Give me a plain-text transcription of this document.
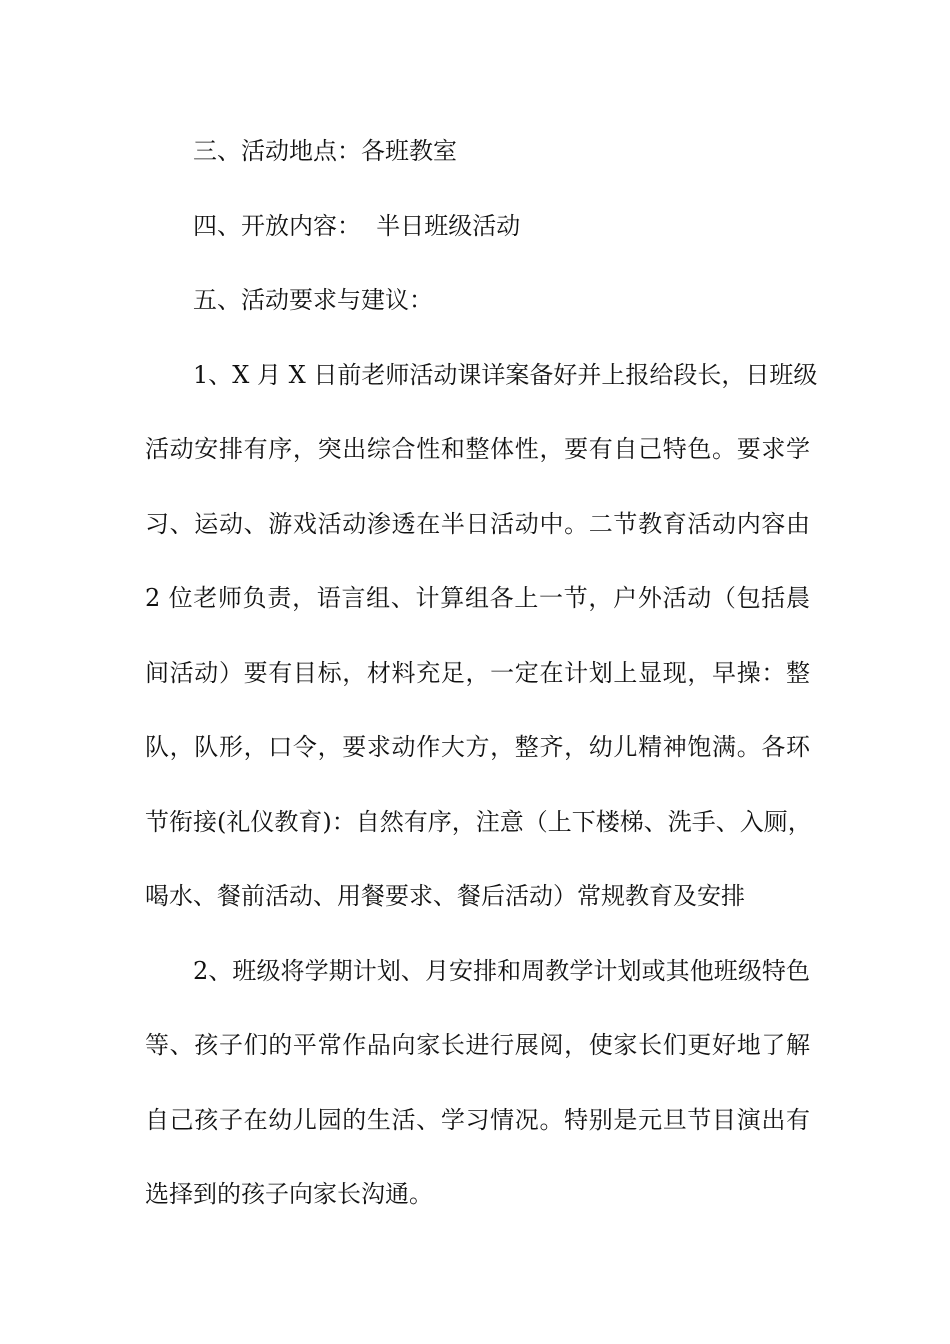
三、活动地点：各班教室
四、开放内容：  半日班级活动
五、活动要求与建议：
1、X 月 X 日前老师活动课详案备好并上报给段长，日班级
活动安排有序，突出综合性和整体性，要有自己特色。要求学
习、运动、游戏活动渗透在半日活动中。二节教育活动内容由
2 位老师负责，语言组、计算组各上一节，户外活动（包括晨
间活动）要有目标，材料充足，一定在计划上显现，早操：整
队，队形，口令，要求动作大方，整齐，幼儿精神饱满。各环
节衔接(礼仪教育)：自然有序，注意（上下楼梯、洗手、入厕，
喝水、餐前活动、用餐要求、餐后活动）常规教育及安排
2、班级将学期计划、月安排和周教学计划或其他班级特色
等、孩子们的平常作品向家长进行展阅，使家长们更好地了解
自己孩子在幼儿园的生活、学习情况。特别是元旦节目演出有
选择到的孩子向家长沟通。
